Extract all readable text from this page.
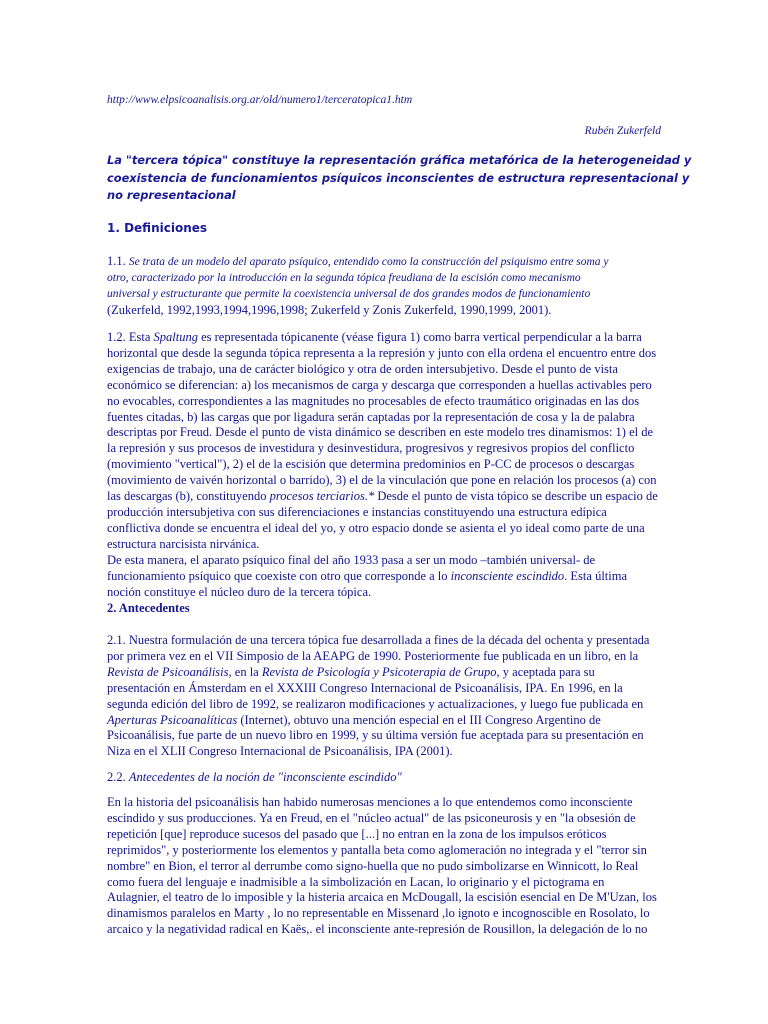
http://www.elpsicoanalisis.org.ar/old/numero1/terceratopica1.htm
Rubén Zukerfeld
La "tercera tópica" constituye la representación gráfica metafórica de la heterogeneidad y
coexistencia de funcionamientos psíquicos inconscientes de estructura representacional y
no representacional
1. Definiciones
1.1. Se trata de un modelo del aparato psíquico, entendido como la construcción del psiquismo entre soma y
otro, caracterizado por la introducción en la segunda tópica freudiana de la escisión como mecanismo
universal y estructurante que permite la coexistencia universal de dos grandes modos de funcionamiento
(Zukerfeld, 1992,1993,1994,1996,1998; Zukerfeld y Zonis Zukerfeld, 1990,1999, 2001).
1.2. Esta Spaltung es representada tópicanente (véase figura 1) como barra vertical perpendicular a la barra
horizontal que desde la segunda tópica representa a la represión y junto con ella ordena el encuentro entre dos
exigencias de trabajo, una de carácter biológico y otra de orden intersubjetivo. Desde el punto de vista
económico se diferencian: a) los mecanismos de carga y descarga que corresponden a huellas activables pero
no evocables, correspondientes a las magnitudes no procesables de efecto traumático originadas en las dos
fuentes citadas, b) las cargas que por ligadura serán captadas por la representación de cosa y la de palabra
descriptas por Freud. Desde el punto de vista dinámico se describen en este modelo tres dinamismos: 1) el de
la represión y sus procesos de investidura y desinvestidura, progresivos y regresivos propios del conflicto
(movimiento "vertical"), 2) el de la escisión que determina predominios en P-CC de procesos o descargas
(movimiento de vaivén horizontal o barrido), 3) el de la vinculación que pone en relación los procesos (a) con
las descargas (b), constituyendo procesos terciarios.* Desde el punto de vista tópico se describe un espacio de
producción intersubjetiva con sus diferenciaciones e instancias constituyendo una estructura edípica
conflictiva donde se encuentra el ideal del yo, y otro espacio donde se asienta el yo ideal como parte de una
estructura narcisista nirvánica.
De esta manera, el aparato psíquico final del año 1933 pasa a ser un modo –también universal- de
funcionamiento psíquico que coexiste con otro que corresponde a lo inconsciente escindido. Esta última
noción constituye el núcleo duro de la tercera tópica.
2. Antecedentes
2.1. Nuestra formulación de una tercera tópica fue desarrollada a fines de la década del ochenta y presentada
por primera vez en el VII Simposio de la AEAPG de 1990. Posteriormente fue publicada en un libro, en la
Revista de Psicoanálisis, en la Revista de Psicología y Psicoterapia de Grupo, y aceptada para su
presentación en Ámsterdam en el XXXIII Congreso Internacional de Psicoanálisis, IPA. En 1996, en la
segunda edición del libro de 1992, se realizaron modificaciones y actualizaciones, y luego fue publicada en
Aperturas Psicoanalíticas (Internet), obtuvo una mención especial en el III Congreso Argentino de
Psicoanálisis, fue parte de un nuevo libro en 1999, y su última versión fue aceptada para su presentación en
Niza en el XLII Congreso Internacional de Psicoanálisis, IPA (2001).
2.2. Antecedentes de la noción de "inconsciente escindido"
En la historia del psicoanálisis han habido numerosas menciones a lo que entendemos como inconsciente
escindido y sus producciones. Ya en Freud, en el "núcleo actual" de las psiconeurosis y en "la obsesión de
repetición [que] reproduce sucesos del pasado que [...] no entran en la zona de los impulsos eróticos
reprimidos", y posteriormente los elementos y pantalla beta como aglomeración no integrada y el "terror sin
nombre" en Bion, el terror al derrumbe como signo-huella que no pudo simbolizarse en Winnicott, lo Real
como fuera del lenguaje e inadmisible a la simbolización en Lacan, lo originario y el pictograma en
Aulagnier, el teatro de lo imposible y la histeria arcaica en McDougall, la escisión esencial en De M'Uzan, los
dinamismos paralelos en Marty , lo no representable en Missenard ,lo ignoto e incognoscible en Rosolato, lo
arcaico y la negatividad radical en Kaës,. el inconsciente ante-represión de Rousillon, la delegación de lo no
